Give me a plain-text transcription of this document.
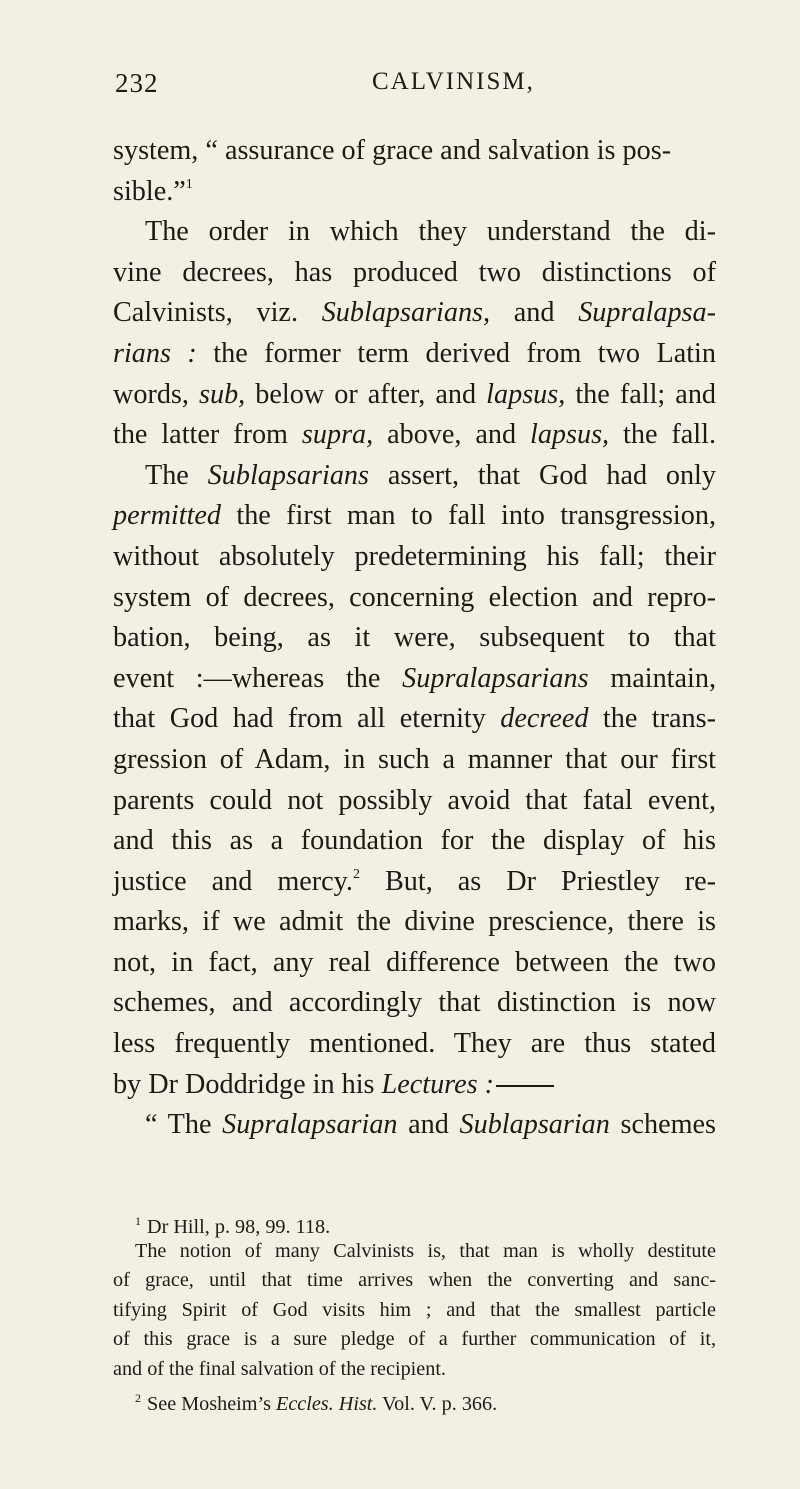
232	CALVINISM,
system, “ assurance of grace and salvation is pos-
sible.”$^1$
The order in which they understand the di-
vine decrees, has produced two distinctions of
Calvinists, viz. Sublapsarians, and Supralapsa-
rians : the former term derived from two Latin
words, sub, below or after, and lapsus, the fall; and
the latter from supra, above, and lapsus, the fall.
The Sublapsarians assert, that God had only
permitted the first man to fall into transgression,
without absolutely predetermining his fall; their
system of decrees, concerning election and repro-
bation, being, as it were, subsequent to that
event :—whereas the Supralapsarians maintain,
that God had from all eternity decreed the trans-
gression of Adam, in such a manner that our first
parents could not possibly avoid that fatal event,
and this as a foundation for the display of his
justice and mercy.$^2$ But, as Dr Priestley re-
marks, if we admit the divine prescience, there is
not, in fact, any real difference between the two
schemes, and accordingly that distinction is now
less frequently mentioned. They are thus stated
by Dr Doddridge in his Lectures :
“ The Supralapsarian and Sublapsarian schemes
$^1$ Dr Hill, p. 98, 99. 118.
The notion of many Calvinists is, that man is wholly destitute
of grace, until that time arrives when the converting and sanc-
tifying Spirit of God visits him ; and that the smallest particle
of this grace is a sure pledge of a further communication of it,
and of the final salvation of the recipient.
$^2$ See Mosheim’s Eccles. Hist. Vol. V. p. 366.
